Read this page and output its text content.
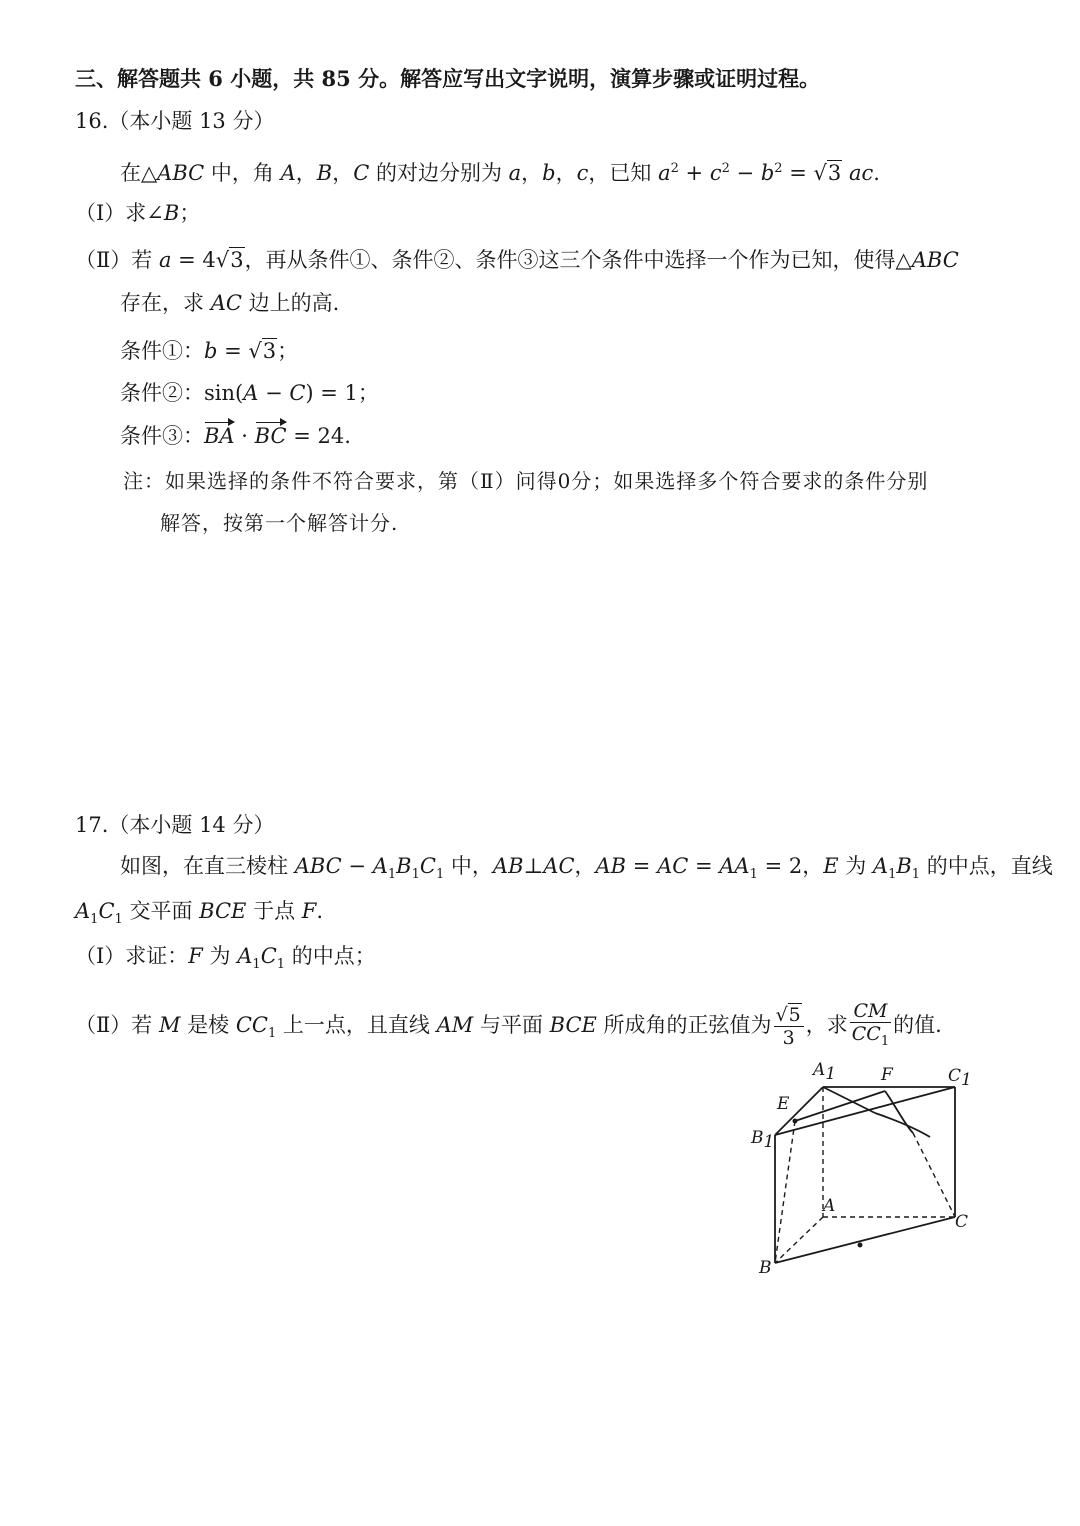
三、解答题共 6 小题，共 85 分。解答应写出文字说明，演算步骤或证明过程。
16.（本小题 13 分）
在△ABC 中，角 A，B，C 的对边分别为 a，b，c，已知 $a^2 + c^2 - b^2 = √3$ ac.
（Ⅰ）求∠B；
（Ⅱ）若 a = 4√3，再从条件①、条件②、条件③这三个条件中选择一个作为已知，使得△ABC
存在，求 AC 边上的高.
条件①：b = √3；
条件②：sin(A − C) = 1；
条件③：BA · BC = 24.
注：如果选择的条件不符合要求，第（Ⅱ）问得0分；如果选择多个符合要求的条件分别
解答，按第一个解答计分.
17.（本小题 14 分）
如图，在直三棱柱 ABC − $A_1B_1C_1$ 中，AB⊥AC，AB = AC = $AA_1 = 2$，E 为 $A_1B_1$ 的中点，直线
$A_1C_1$ 交平面 BCE 于点 F.
（Ⅰ）求证：F 为 $A_1C_1$ 的中点；
（Ⅱ）若 M 是棱 $CC_1$ 上一点，且直线 AM 与平面 BCE 所成角的正弦值为 $\frac{√5}{3}$ ，求 $\frac{CM}{CC_1}$ 的值.
A1	F	C1
E
B1
A
C
B
